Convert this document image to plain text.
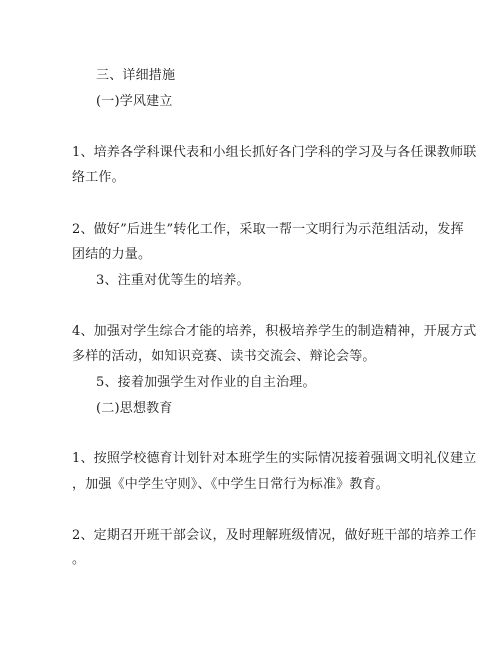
三、详细措施
(一)学风建立
1、培养各学科课代表和小组长抓好各门学科的学习及与各任课教师联
络工作。
2、做好”后进生”转化工作，采取一帮一文明行为示范组活动，发挥
团结的力量。
3、注重对优等生的培养。
4、加强对学生综合才能的培养，积极培养学生的制造精神，开展方式
多样的活动，如知识竞赛、读书交流会、辩论会等。
5、接着加强学生对作业的自主治理。
(二)思想教育
1、按照学校德育计划针对本班学生的实际情况接着强调文明礼仪建立
，加强《中学生守则》、《中学生日常行为标准》教育。
2、定期召开班干部会议，及时理解班级情况，做好班干部的培养工作
。
